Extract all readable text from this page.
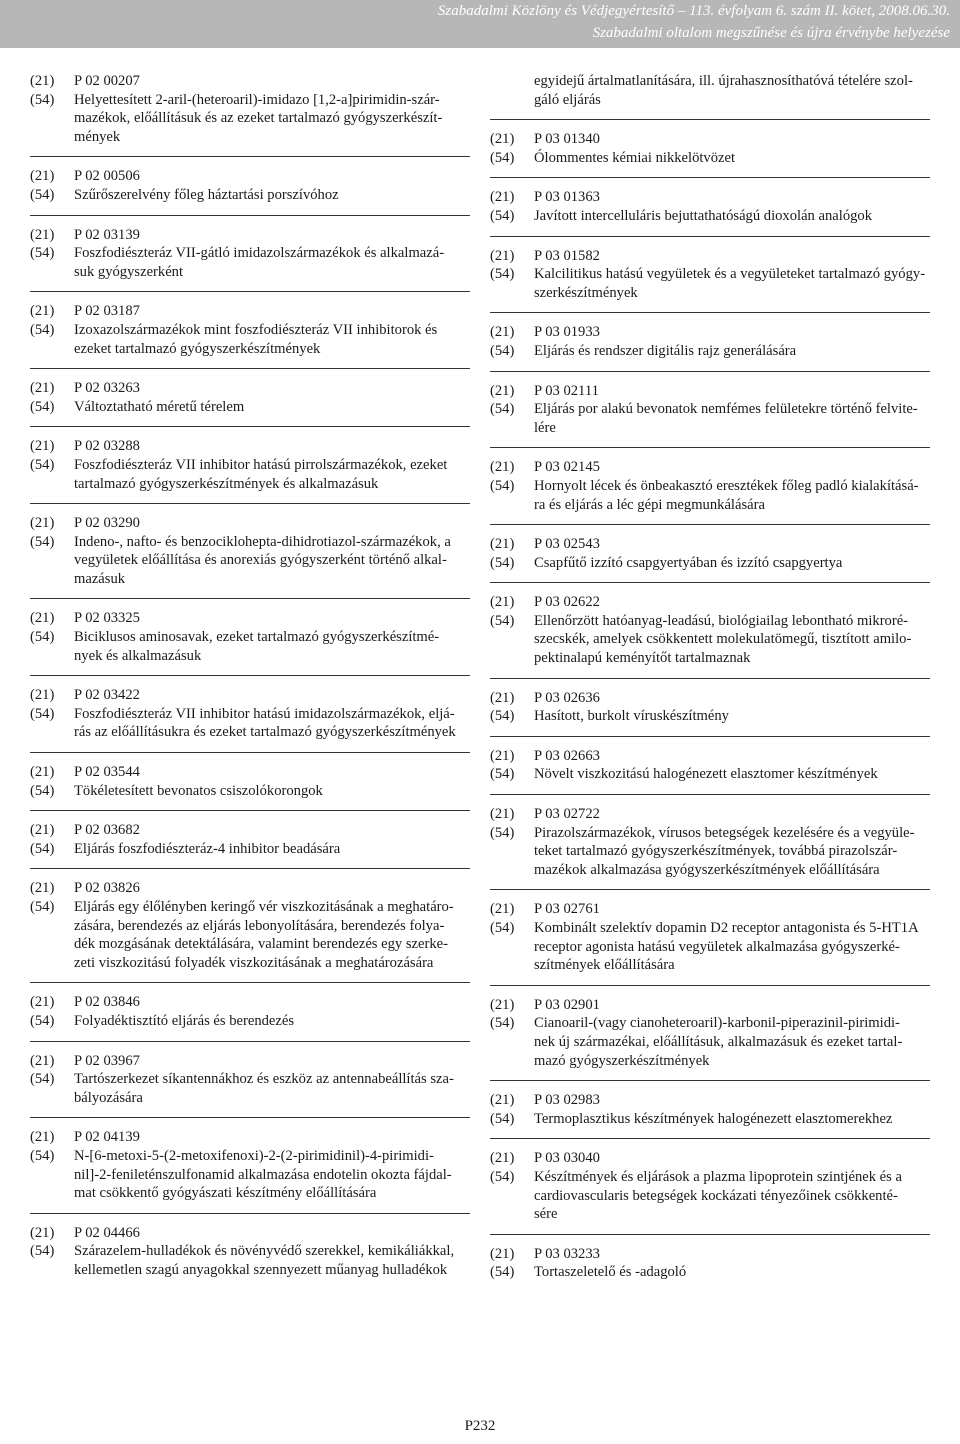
Szabadalmi Közlöny és Védjegyértesítő – 113. évfolyam 6. szám II. kötet, 2008.06.30.
Szabadalmi oltalom megszűnése és újra érvénybe helyezése
(21)	P 02 00207
(54)	Helyettesített 2-aril-(heteroaril)-imidazo [1,2-a]pirimidin-szár-
mazékok, előállításuk és az ezeket tartalmazó gyógyszerkészít-
mények
(21)	P 02 00506
(54)	Szűrőszerelvény főleg háztartási porszívóhoz
(21)	P 02 03139
(54)	Foszfodiészteráz VII-gátló imidazolszármazékok és alkalmazá-
suk gyógyszerként
(21)	P 02 03187
(54)	Izoxazolszármazékok mint foszfodiészteráz VII inhibitorok és
ezeket tartalmazó gyógyszerkészítmények
(21)	P 02 03263
(54)	Változtatható méretű térelem
(21)	P 02 03288
(54)	Foszfodiészteráz VII inhibitor hatású pirrolszármazékok, ezeket
tartalmazó gyógyszerkészítmények és alkalmazásuk
(21)	P 02 03290
(54)	Indeno-, nafto- és benzociklohepta-dihidrotiazol-származékok, a
vegyületek előállítása és anorexiás gyógyszerként történő alkal-
mazásuk
(21)	P 02 03325
(54)	Biciklusos aminosavak, ezeket tartalmazó gyógyszerkészítmé-
nyek és alkalmazásuk
(21)	P 02 03422
(54)	Foszfodiészteráz VII inhibitor hatású imidazolszármazékok, eljá-
rás az előállításukra és ezeket tartalmazó gyógyszerkészítmények
(21)	P 02 03544
(54)	Tökéletesített bevonatos csiszolókorongok
(21)	P 02 03682
(54)	Eljárás foszfodiészteráz-4 inhibitor beadására
(21)	P 02 03826
(54)	Eljárás egy élőlényben keringő vér viszkozitásának a meghatáro-
zására, berendezés az eljárás lebonyolítására, berendezés folya-
dék mozgásának detektálására, valamint berendezés egy szerke-
zeti viszkozitású folyadék viszkozitásának a meghatározására
(21)	P 02 03846
(54)	Folyadéktisztító eljárás és berendezés
(21)	P 02 03967
(54)	Tartószerkezet síkantennákhoz és eszköz az antennabeállítás sza-
bályozására
(21)	P 02 04139
(54)	N-[6-metoxi-5-(2-metoxifenoxi)-2-(2-pirimidinil)-4-pirimidi-
nil]-2-fenileténszulfonamid alkalmazása endotelin okozta fájdal-
mat csökkentő gyógyászati készítmény előállítására
(21)	P 02 04466
(54)	Szárazelem-hulladékok és növényvédő szerekkel, kemikáliákkal,
kellemetlen szagú anyagokkal szennyezett műanyag hulladékok
egyidejű ártalmatlanítására, ill. újrahasznosíthatóvá tételére szol-
gáló eljárás
(21)	P 03 01340
(54)	Ólommentes kémiai nikkelötvözet
(21)	P 03 01363
(54)	Javított intercelluláris bejuttathatóságú dioxolán analógok
(21)	P 03 01582
(54)	Kalcilitikus hatású vegyületek és a vegyületeket tartalmazó gyógy-
szerkészítmények
(21)	P 03 01933
(54)	Eljárás és rendszer digitális rajz generálására
(21)	P 03 02111
(54)	Eljárás por alakú bevonatok nemfémes felületekre történő felvite-
lére
(21)	P 03 02145
(54)	Hornyolt lécek és önbeakasztó eresztékek főleg padló kialakításá-
ra és eljárás a léc gépi megmunkálására
(21)	P 03 02543
(54)	Csapfűtő izzító csapgyertyában és izzító csapgyertya
(21)	P 03 02622
(54)	Ellenőrzött hatóanyag-leadású, biológiailag lebontható mikroré-
szecskék, amelyek csökkentett molekulatömegű, tisztított amilo-
pektinalapú keményítőt tartalmaznak
(21)	P 03 02636
(54)	Hasított, burkolt víruskészítmény
(21)	P 03 02663
(54)	Növelt viszkozitású halogénezett elasztomer készítmények
(21)	P 03 02722
(54)	Pirazolszármazékok, vírusos betegségek kezelésére és a vegyüle-
teket tartalmazó gyógyszerkészítmények, továbbá pirazolszár-
mazékok alkalmazása gyógyszerkészítmények előállítására
(21)	P 03 02761
(54)	Kombinált szelektív dopamin D2 receptor antagonista és 5-HT1A
receptor agonista hatású vegyületek alkalmazása gyógyszerké-
szítmények előállítására
(21)	P 03 02901
(54)	Cianoaril-(vagy cianoheteroaril)-karbonil-piperazinil-pirimidi-
nek új származékai, előállításuk, alkalmazásuk és ezeket tartal-
mazó gyógyszerkészítmények
(21)	P 03 02983
(54)	Termoplasztikus készítmények halogénezett elasztomerekhez
(21)	P 03 03040
(54)	Készítmények és eljárások a plazma lipoprotein szintjének és a
cardiovascularis betegségek kockázati tényezőinek csökkenté-
sére
(21)	P 03 03233
(54)	Tortaszeletelő és -adagoló
P232
